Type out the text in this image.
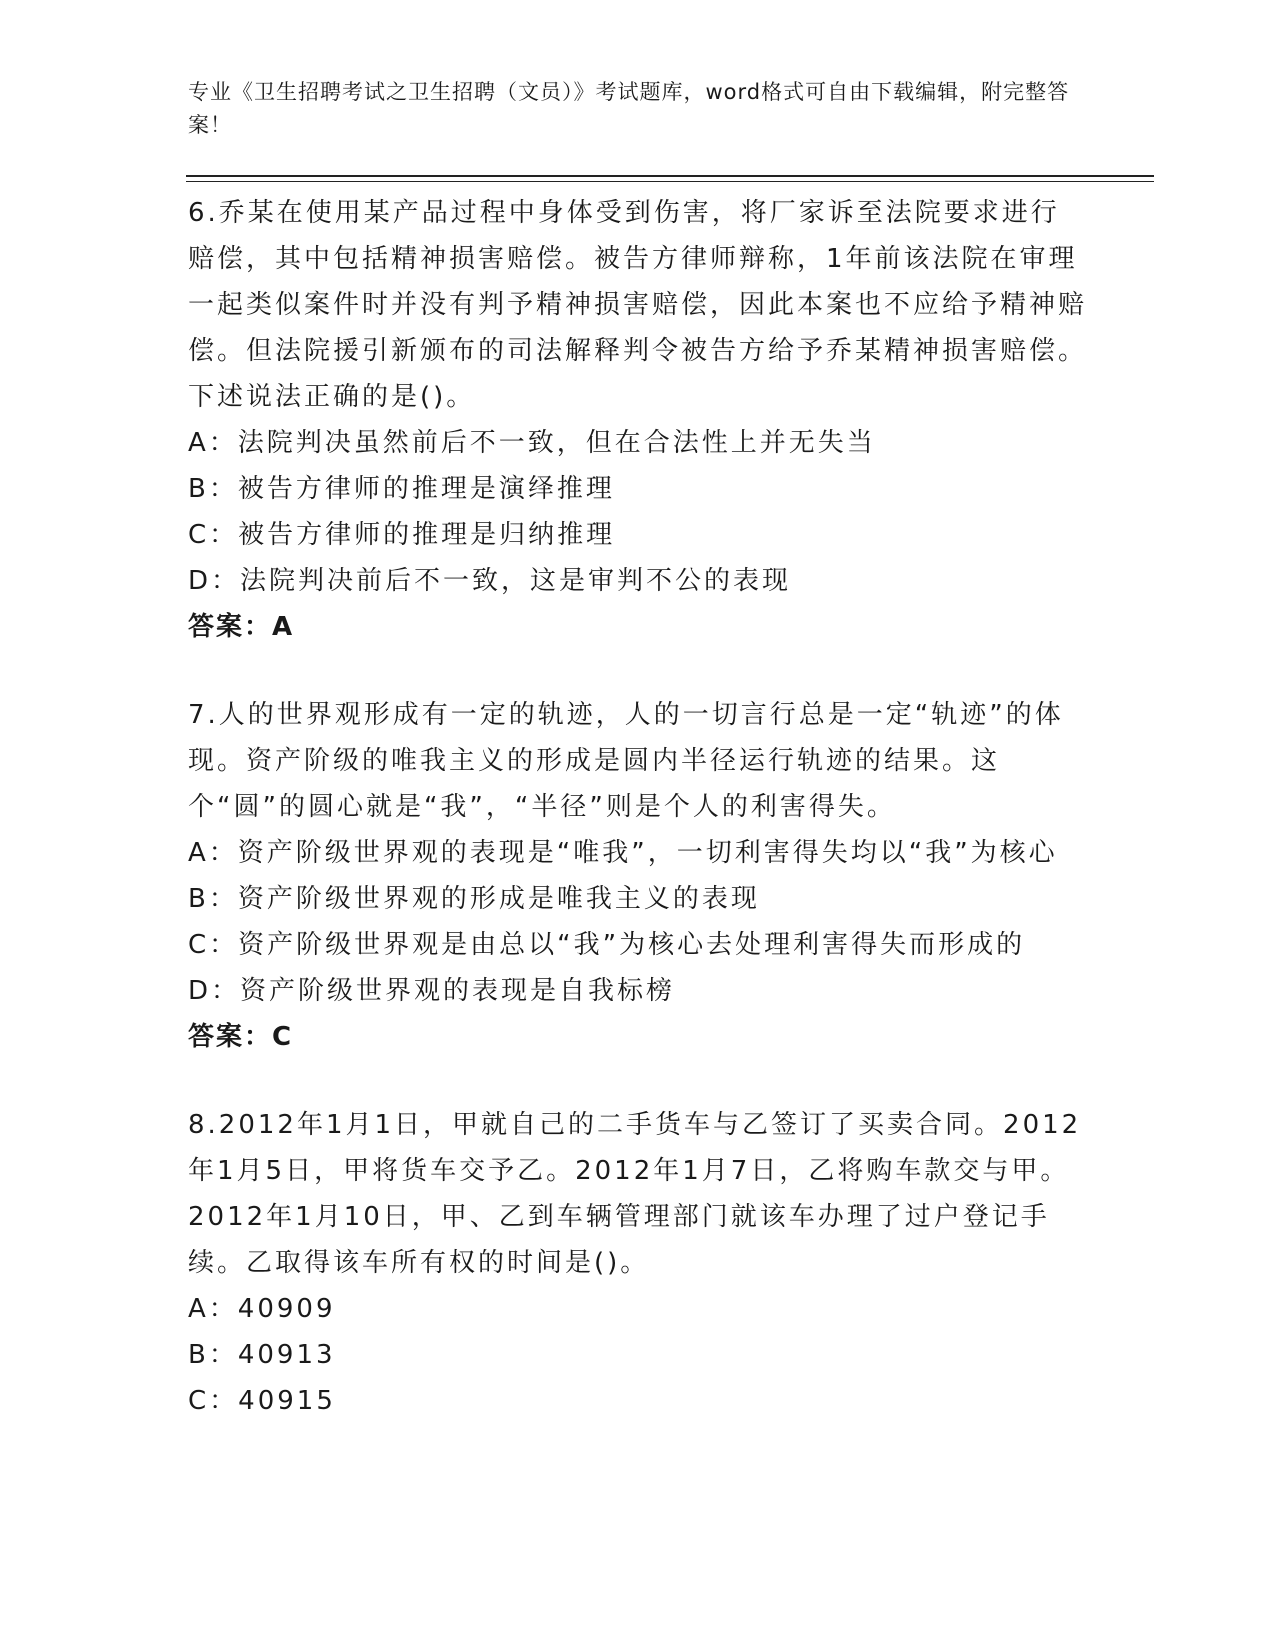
专业《卫生招聘考试之卫生招聘（文员）》考试题库，word格式可自由下载编辑，附完整答案！

6.乔某在使用某产品过程中身体受到伤害，将厂家诉至法院要求进行赔偿，其中包括精神损害赔偿。被告方律师辩称，1年前该法院在审理一起类似案件时并没有判予精神损害赔偿，因此本案也不应给予精神赔偿。但法院援引新颁布的司法解释判令被告方给予乔某精神损害赔偿。下述说法正确的是()。

A：法院判决虽然前后不一致，但在合法性上并无失当

B：被告方律师的推理是演绎推理

C：被告方律师的推理是归纳推理

D：法院判决前后不一致，这是审判不公的表现

答案：A

7.人的世界观形成有一定的轨迹，人的一切言行总是一定“轨迹”的体现。资产阶级的唯我主义的形成是圆内半径运行轨迹的结果。这个“圆”的圆心就是“我”，“半径”则是个人的利害得失。

A：资产阶级世界观的表现是“唯我”，一切利害得失均以“我”为核心

B：资产阶级世界观的形成是唯我主义的表现

C：资产阶级世界观是由总以“我”为核心去处理利害得失而形成的

D：资产阶级世界观的表现是自我标榜

答案：C

8.2012年1月1日，甲就自己的二手货车与乙签订了买卖合同。2012年1月5日，甲将货车交予乙。2012年1月7日，乙将购车款交与甲。2012年1月10日，甲、乙到车辆管理部门就该车办理了过户登记手续。乙取得该车所有权的时间是()。

A：40909

B：40913

C：40915
